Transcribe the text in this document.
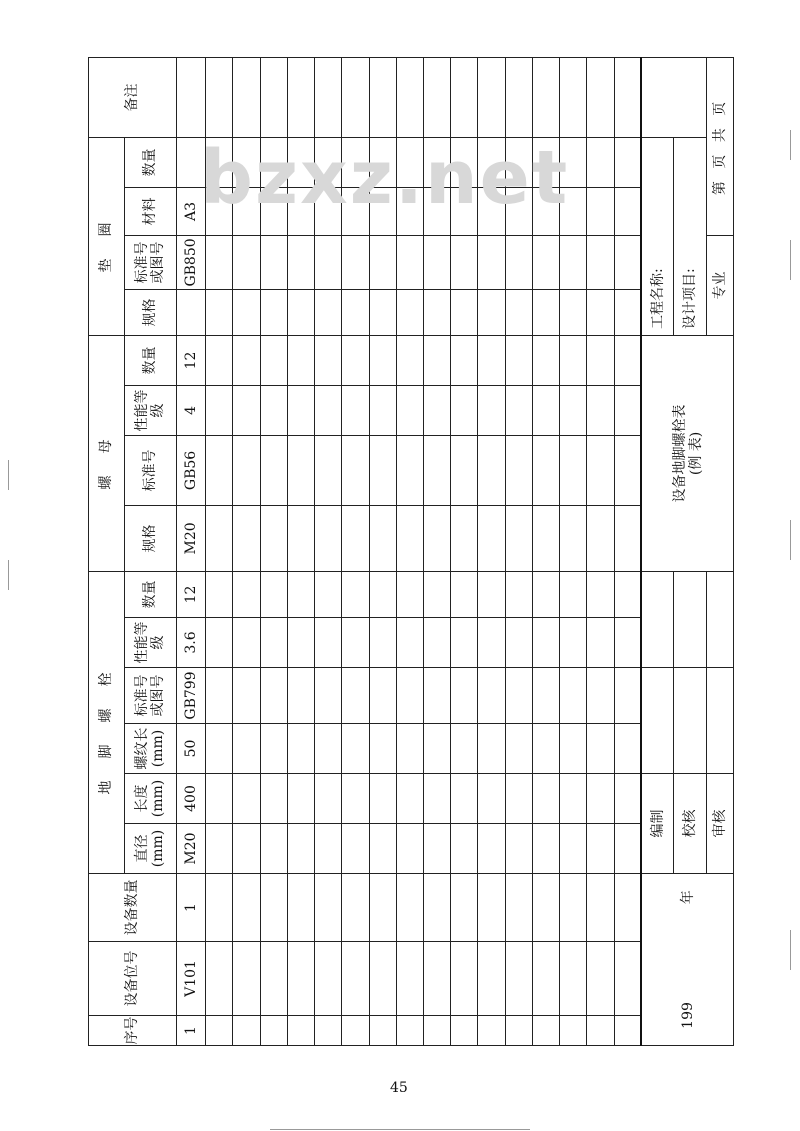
序号	设备位号	设备数量	地脚螺栓						螺母				垫圈				备注
			直径(mm)	长度(mm)	螺纹长(mm)	标准号或图号	性能等级	数量	规格	标准号	性能等级	数量	规格	标准号或图号	材料	数量	
1	V101	1	M20	400	50	GB799	3.6	12	M20	GB56	4	12		GB850	A3		

199                      年			编制						设备地脚螺栓表 (例 表)				工程名称:				
			校核										设计项目:				
			审核										专业		第 页 共 页		
bzxz.net
45
